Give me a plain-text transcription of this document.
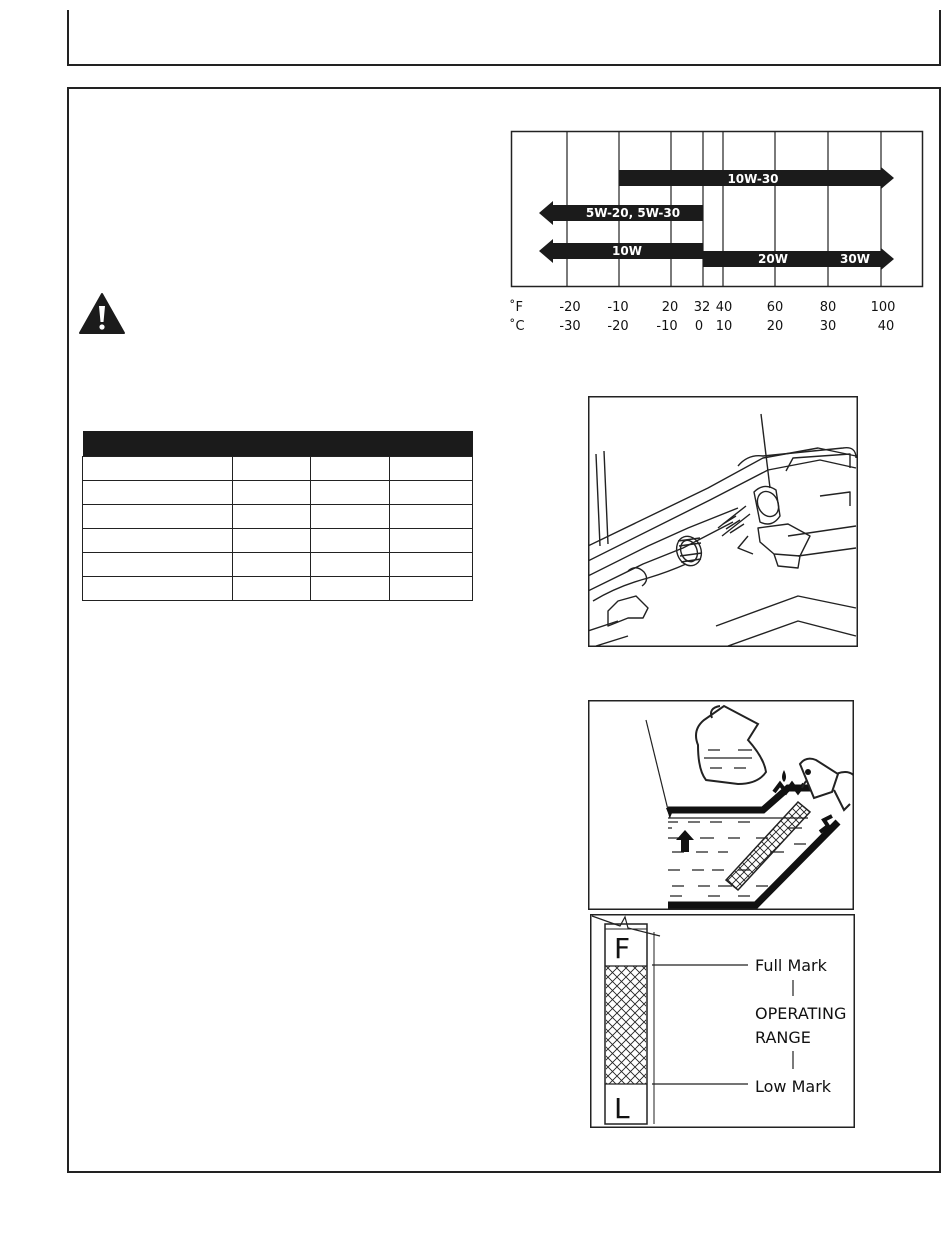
10W-30
5W-20, 5W-30
10W
20W	30W
˚F
˚C
-20 -10	20 32 40	60	80	100
-30 -20 -10 0 10	20	30	40

F
L
Full Mark
OPERATING
RANGE
Low Mark
